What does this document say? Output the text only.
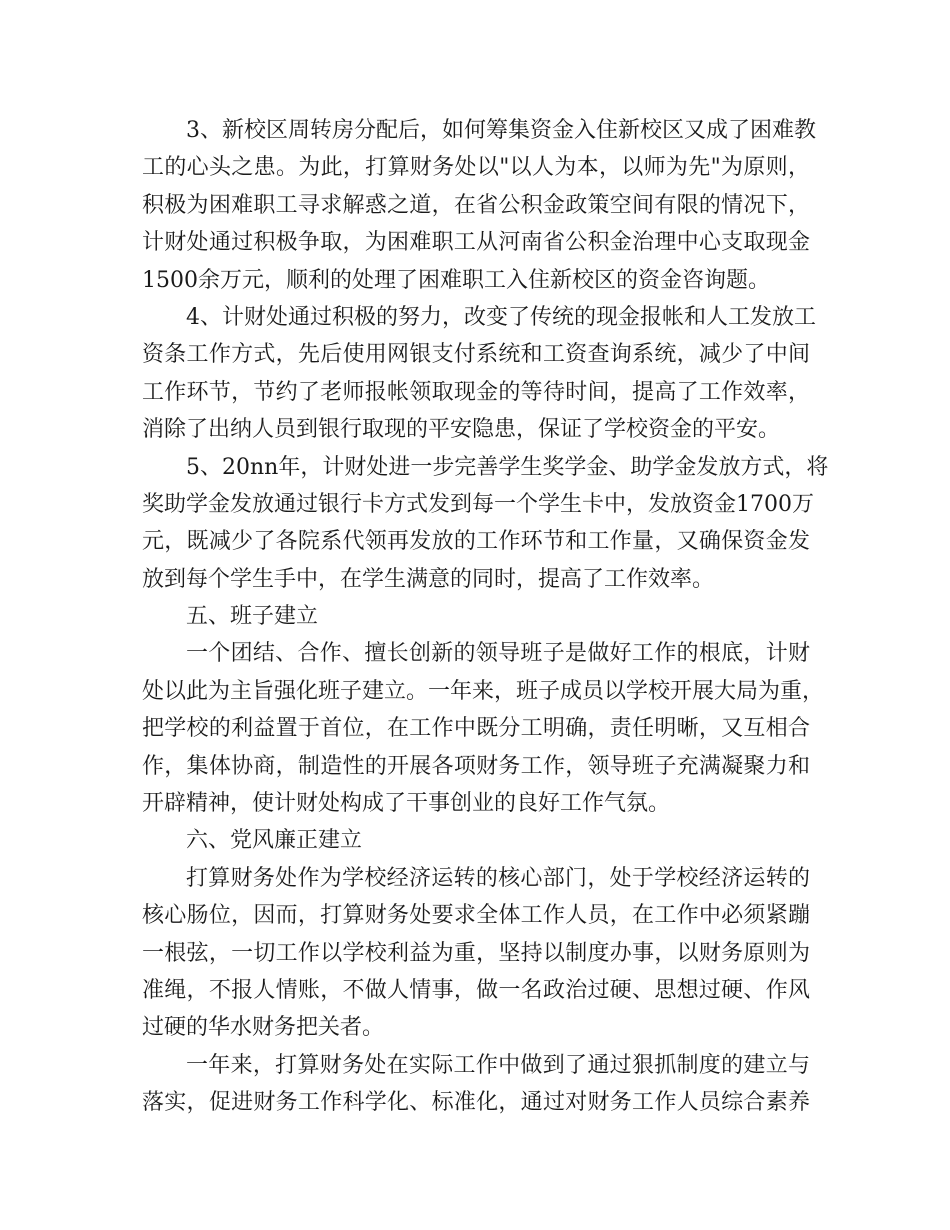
3、新校区周转房分配后，如何筹集资金入住新校区又成了困难教
工的心头之患。为此，打算财务处以"以人为本，以师为先"为原则，
积极为困难职工寻求解惑之道，在省公积金政策空间有限的情况下，
计财处通过积极争取，为困难职工从河南省公积金治理中心支取现金
1500余万元，顺利的处理了困难职工入住新校区的资金咨询题。
4、计财处通过积极的努力，改变了传统的现金报帐和人工发放工
资条工作方式，先后使用网银支付系统和工资查询系统，减少了中间
工作环节，节约了老师报帐领取现金的等待时间，提高了工作效率，
消除了出纳人员到银行取现的平安隐患，保证了学校资金的平安。
5、20nn年，计财处进一步完善学生奖学金、助学金发放方式，将
奖助学金发放通过银行卡方式发到每一个学生卡中，发放资金1700万
元，既减少了各院系代领再发放的工作环节和工作量，又确保资金发
放到每个学生手中，在学生满意的同时，提高了工作效率。
五、班子建立
一个团结、合作、擅长创新的领导班子是做好工作的根底，计财
处以此为主旨强化班子建立。一年来，班子成员以学校开展大局为重，
把学校的利益置于首位，在工作中既分工明确，责任明晰，又互相合
作，集体协商，制造性的开展各项财务工作，领导班子充满凝聚力和
开辟精神，使计财处构成了干事创业的良好工作气氛。
六、党风廉正建立
打算财务处作为学校经济运转的核心部门，处于学校经济运转的
核心肠位，因而，打算财务处要求全体工作人员，在工作中必须紧蹦
一根弦，一切工作以学校利益为重，坚持以制度办事，以财务原则为
准绳，不报人情账，不做人情事，做一名政治过硬、思想过硬、作风
过硬的华水财务把关者。
一年来，打算财务处在实际工作中做到了通过狠抓制度的建立与
落实，促进财务工作科学化、标准化，通过对财务工作人员综合素养
